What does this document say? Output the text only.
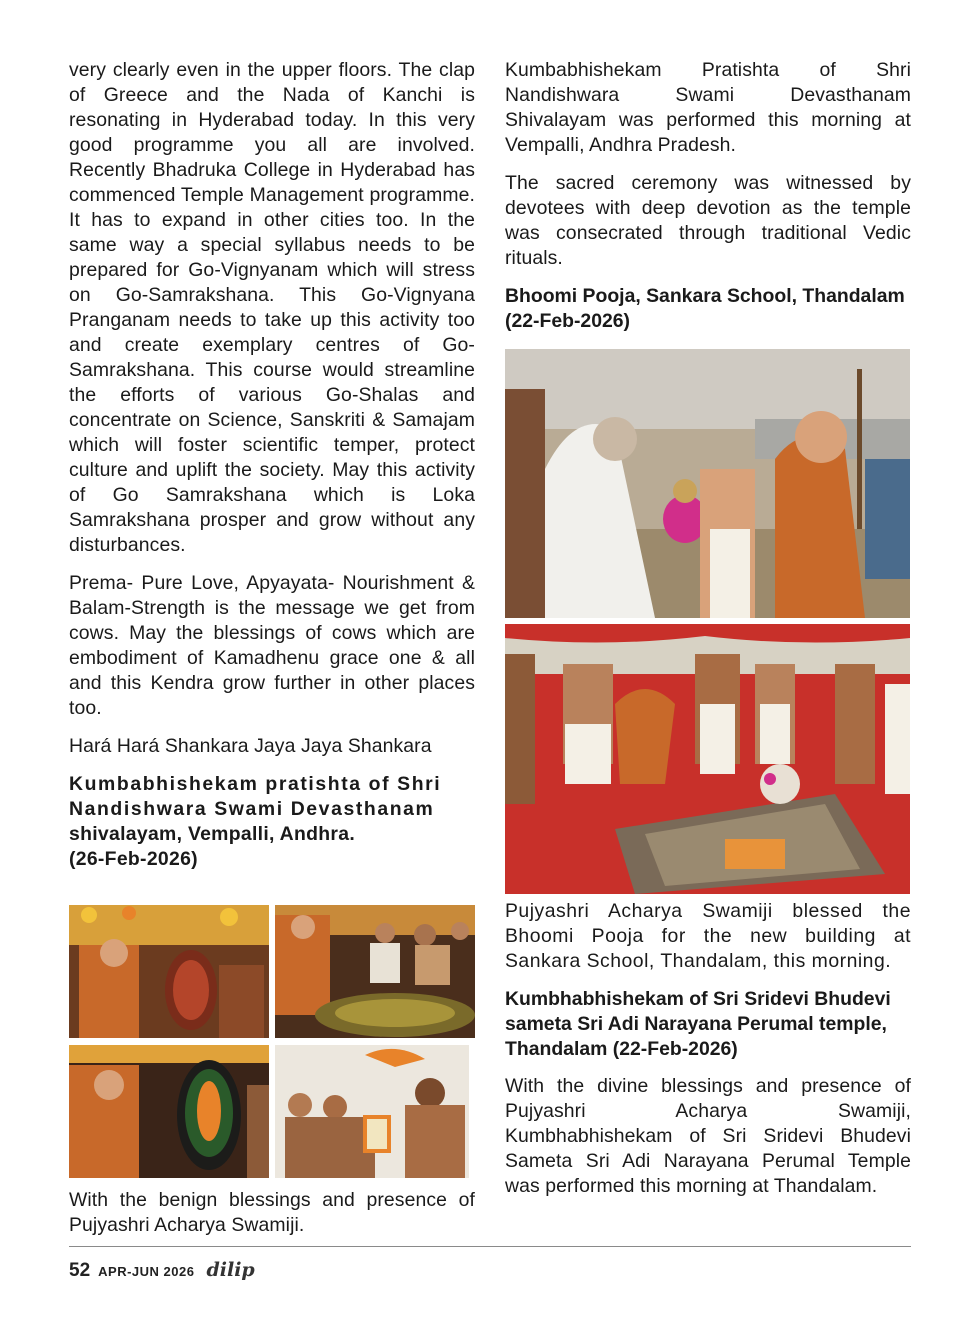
very clearly even in the upper floors. The clap of Greece and the Nada of Kanchi is resonating in Hyderabad today. In this very good programme you all are involved. Recently Bhadruka College in Hyderabad has commenced Temple Management programme. It has to expand in other cities too. In the same way a special syllabus needs to be prepared for Go-Vignyanam which will stress on Go-Samrakshana. This Go-Vignyana Pranganam needs to take up this activity too and create exemplary centres of Go-Samrakshana. This course would streamline the efforts of various Go-Shalas and concentrate on Science, Sanskriti & Samajam which will foster scientific temper, protect culture and uplift the society. May this activity of Go Samrakshana which is Loka Samrakshana prosper and grow without any disturbances.

Prema- Pure Love, Apyayata- Nourishment & Balam-Strength is the message we get from cows. May the blessings of cows which are embodiment of Kamadhenu grace one & all and this Kendra grow further in other places too.

Hará Hará Shankara Jaya Jaya Shankara

Kumbabhishekam pratishta of Shri
Nandishwara Swami Devasthanam
shivalayam, Vempalli, Andhra.
(26-Feb-2026)

With the benign blessings and presence of Pujyashri Acharya Swamiji.

Kumbabhishekam Pratishta of Shri Nandishwara Swami Devasthanam Shivalayam was performed this morning at Vempalli, Andhra Pradesh.

The sacred ceremony was witnessed by devotees with deep devotion as the temple was consecrated through traditional Vedic rituals.

Bhoomi Pooja, Sankara School, Thandalam
(22-Feb-2026)

Pujyashri Acharya Swamiji blessed the Bhoomi Pooja for the new building at Sankara School, Thandalam, this morning.

Kumbhabhishekam of Sri Sridevi Bhudevi
sameta Sri Adi Narayana Perumal temple,
Thandalam (22-Feb-2026)

With the divine blessings and presence of Pujyashri Acharya Swamiji, Kumbhabhishekam of Sri Sridevi Bhudevi Sameta Sri Adi Narayana Perumal Temple was performed this morning at Thandalam.

52 APR-JUN 2026 dilip
